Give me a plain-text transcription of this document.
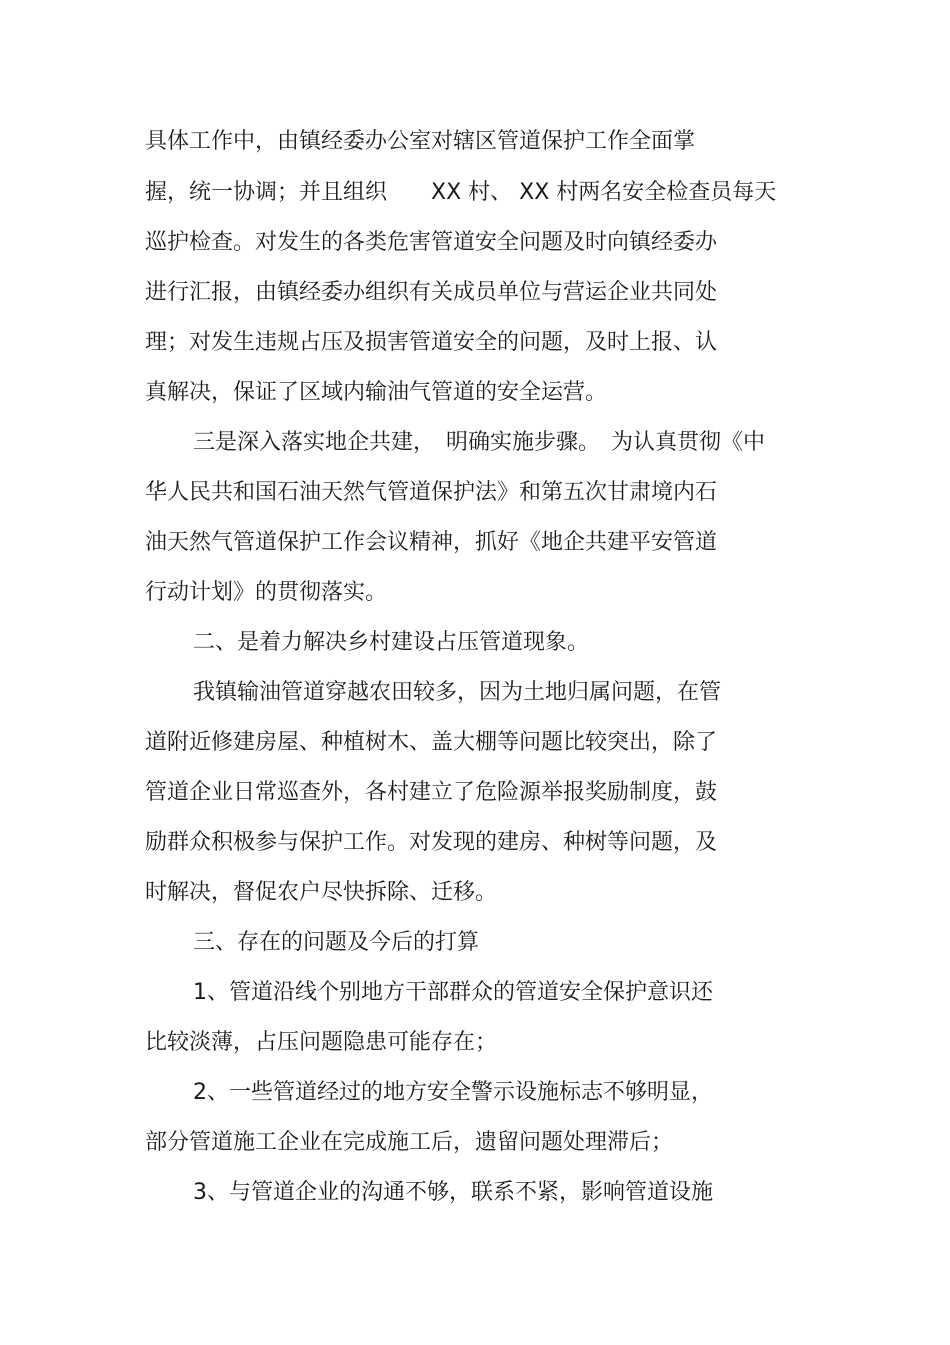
具体工作中，由镇经委办公室对辖区管道保护工作全面掌
握，统一协调；并且组织　　XX 村、 XX 村两名安全检查员每天
巡护检查。对发生的各类危害管道安全问题及时向镇经委办
进行汇报，由镇经委办组织有关成员单位与营运企业共同处
理；对发生违规占压及损害管道安全的问题，及时上报、认
真解决，保证了区域内输油气管道的安全运营。
三是深入落实地企共建，　明确实施步骤。　为认真贯彻《中
华人民共和国石油天然气管道保护法》和第五次甘肃境内石
油天然气管道保护工作会议精神，抓好《地企共建平安管道
行动计划》的贯彻落实。
二、是着力解决乡村建设占压管道现象。
我镇输油管道穿越农田较多，因为土地归属问题，在管
道附近修建房屋、种植树木、盖大棚等问题比较突出，除了
管道企业日常巡查外，各村建立了危险源举报奖励制度，鼓
励群众积极参与保护工作。对发现的建房、种树等问题，及
时解决，督促农户尽快拆除、迁移。
三、存在的问题及今后的打算
1、管道沿线个别地方干部群众的管道安全保护意识还
比较淡薄，占压问题隐患可能存在；
2、一些管道经过的地方安全警示设施标志不够明显，
部分管道施工企业在完成施工后，遗留问题处理滞后；
3、与管道企业的沟通不够，联系不紧，影响管道设施
